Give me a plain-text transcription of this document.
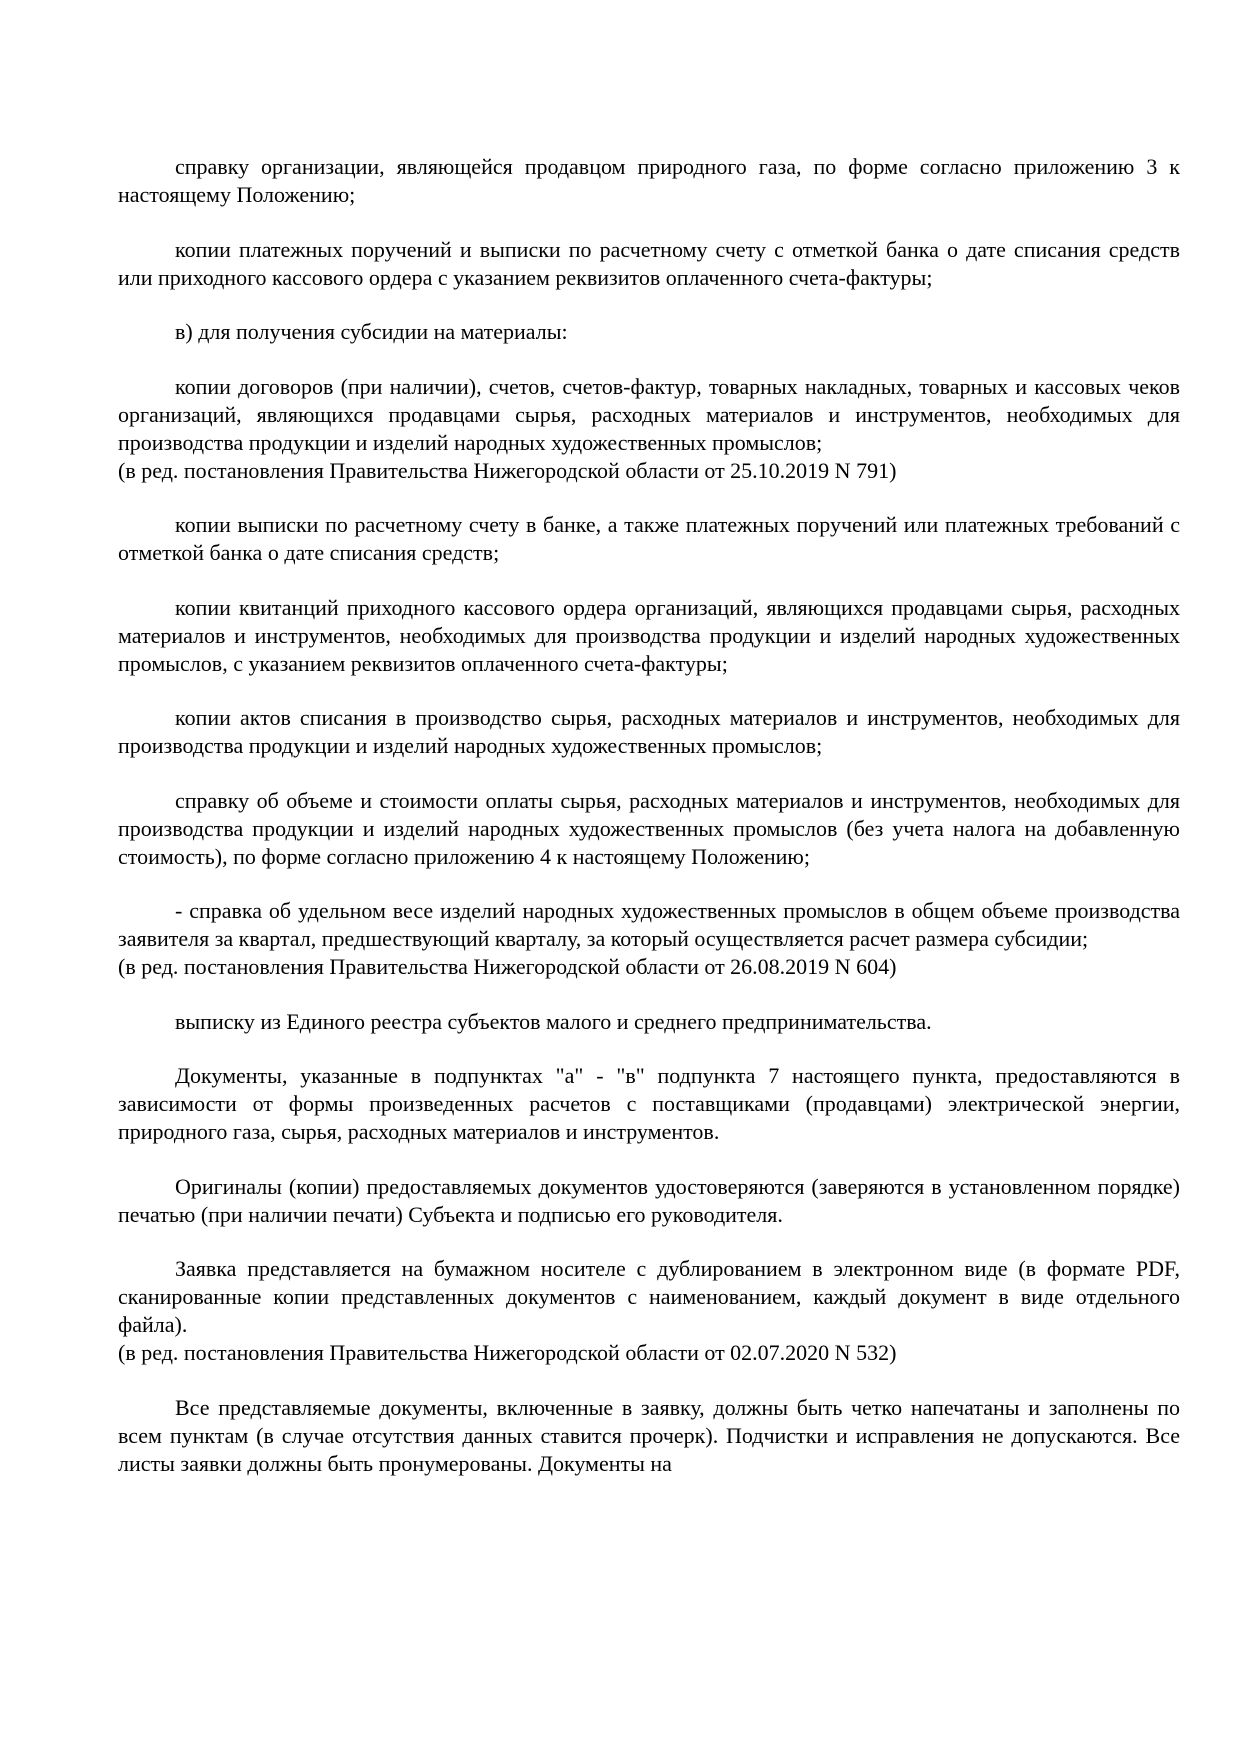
справку организации, являющейся продавцом природного газа, по форме согласно приложению 3 к настоящему Положению;

копии платежных поручений и выписки по расчетному счету с отметкой банка о дате списания средств или приходного кассового ордера с указанием реквизитов оплаченного счета-фактуры;

в) для получения субсидии на материалы:

копии договоров (при наличии), счетов, счетов-фактур, товарных накладных, товарных и кассовых чеков организаций, являющихся продавцами сырья, расходных материалов и инструментов, необходимых для производства продукции и изделий народных художественных промыслов;

(в ред. постановления Правительства Нижегородской области от 25.10.2019 N 791)

копии выписки по расчетному счету в банке, а также платежных поручений или платежных требований с отметкой банка о дате списания средств;

копии квитанций приходного кассового ордера организаций, являющихся продавцами сырья, расходных материалов и инструментов, необходимых для производства продукции и изделий народных художественных промыслов, с указанием реквизитов оплаченного счета-фактуры;

копии актов списания в производство сырья, расходных материалов и инструментов, необходимых для производства продукции и изделий народных художественных промыслов;

справку об объеме и стоимости оплаты сырья, расходных материалов и инструментов, необходимых для производства продукции и изделий народных художественных промыслов (без учета налога на добавленную стоимость), по форме согласно приложению 4 к настоящему Положению;

- справка об удельном весе изделий народных художественных промыслов в общем объеме производства заявителя за квартал, предшествующий кварталу, за который осуществляется расчет размера субсидии;

(в ред. постановления Правительства Нижегородской области от 26.08.2019 N 604)

выписку из Единого реестра субъектов малого и среднего предпринимательства.

Документы, указанные в подпунктах "а" - "в" подпункта 7 настоящего пункта, предоставляются в зависимости от формы произведенных расчетов с поставщиками (продавцами) электрической энергии, природного газа, сырья, расходных материалов и инструментов.

Оригиналы (копии) предоставляемых документов удостоверяются (заверяются в установленном порядке) печатью (при наличии печати) Субъекта и подписью его руководителя.

Заявка представляется на бумажном носителе с дублированием в электронном виде (в формате PDF, сканированные копии представленных документов с наименованием, каждый документ в виде отдельного файла).

(в ред. постановления Правительства Нижегородской области от 02.07.2020 N 532)

Все представляемые документы, включенные в заявку, должны быть четко напечатаны и заполнены по всем пунктам (в случае отсутствия данных ставится прочерк). Подчистки и исправления не допускаются. Все листы заявки должны быть пронумерованы. Документы на
